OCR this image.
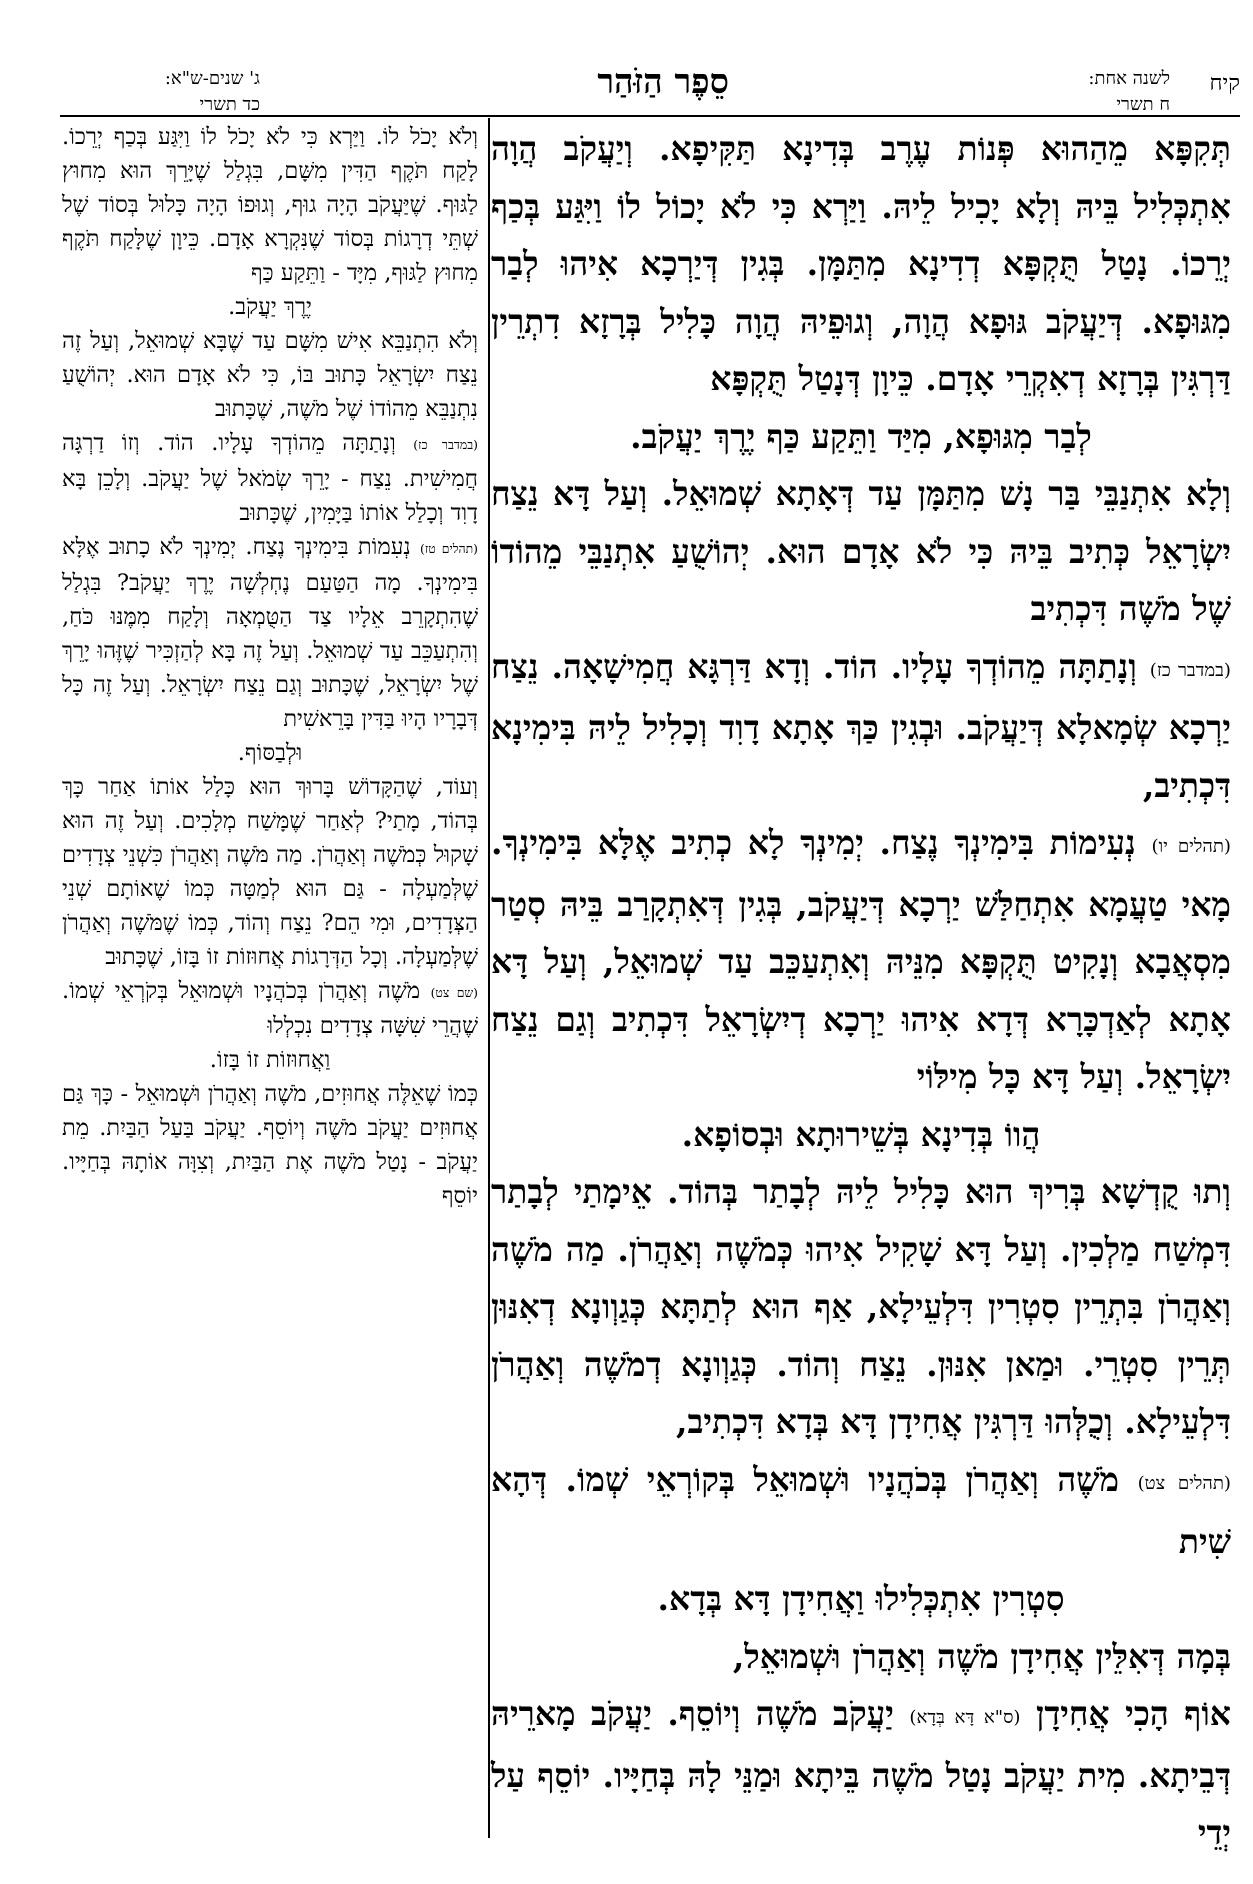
קיח
לשנה אחת:
ח תשרי
סֵפֶר הַזֹּהַר
ג' שנים-ש"א:
כד תשרי

תְּקִפָּא מֵהַהוּא פְּנוֹת עֶרֶב בְּדִינָא תַּקִּיפָא. וְיַעֲקֹב הֲוָה אִתְכְּלִיל בֵּיהּ וְלָא יָכִיל לֵיהּ. וַיַּרְא כִּי לֹא יָכוֹל לוֹ וַיִּגַּע בְּכַף יְרֵכוֹ. נָטַל תֻּקְפָּא דְדִינָא מִתַּמָּן. בְּגִין דְּיַרְכָא אִיהוּ לְבַר מִגּוּפָא. דְּיַעֲקֹב גּוּפָא הֲוָה, וְגוּפֵיהּ הֲוָה כָּלִיל בְּרָזָא דִתְרֵין דַּרְגִּין בְּרָזָא דְאִקְרֵי אָדָם. כֵּיוָן דְּנָטַל תֻּקְפָּא

לְבַר מִגּוּפָא, מִיַּד וַתֵּקַע כַּף יֶרֶךְ יַעֲקֹב.

וְלָא אִתְנַבֵּי בַּר נָשׁ מִתַּמָּן עַד דְּאָתָא שְׁמוּאֵל. וְעַל דָּא נֵצַח יִשְׂרָאֵל כְּתִיב בֵּיהּ כִּי לֹא אָדָם הוּא. יְהוֹשֻׁעַ אִתְנַבֵּי מֵהוֹדוֹ שֶׁל מֹשֶׁה דִּכְתִיב

(במדבר כז) וְנָתַתָּה מֵהוֹדְךָ עָלָיו. הוֹד. וְדָא דַּרְגָּא חֲמִישָׁאָה. נֵצַח יַרְכָא שְׂמָאלָא דְּיַעֲקֹב. וּבְגִין כַּךְ אָתָא דָוִד וְכָלִיל לֵיהּ בִּימִינָא דִּכְתִיב,

(תהלים יו) נְעִימוֹת בִּימִינְךָ נֶצַח. יְמִינְךָ לָא כְתִיב אֶלָּא בִּימִינְךָ. מָאי טַעֲמָא אִתְחַלַּשׁ יַרְכָא דְּיַעֲקֹב, בְּגִין דְּאִתְקָרַב בֵּיהּ סְטַר מִסְאֲבָא וְנָקִיט תֻּקְפָּא מִנֵּיהּ וְאִתְעַכֵּב עַד שְׁמוּאֵל, וְעַל דָּא אָתָא לְאַדְכָּרָא דְּדָא אִיהוּ יַרְכָא דְיִשְׂרָאֵל דִּכְתִיב וְגַם נֵצַח יִשְׂרָאֵל. וְעַל דָּא כָּל מִילּוֹי

הֲווֹ בְּדִינָא בְּשֵׁירוּתָא וּבְסוֹפָא.

וְתוּ קֻדְשָׁא בְּרִיךְ הוּא כָּלִיל לֵיהּ לְבָתַר בְּהוֹד. אֵימָתַי לְבָתַר דִּמְשַׁח מַלְכִין. וְעַל דָּא שָׁקִיל אִיהוּ כְּמֹשֶׁה וְאַהֲרֹן. מַה מֹשֶׁה וְאַהֲרֹן בִּתְרֵין סִטְרִין דִּלְעֵילָא, אַף הוּא לְתַתָּא כְּגַוְונָא דְאִנּוּן תְּרֵין סִטְרֵי. וּמַאן אִנּוּן. נֵצַח וְהוֹד. כְּגַוְונָא דְמֹשֶׁה וְאַהֲרֹן דִּלְעֵילָא. וְכֻלְּהוּ דַּרְגִּין אֲחִידָן דָּא בְּדָא דִּכְתִיב,

(תהלים צט) מֹשֶׁה וְאַהֲרֹן בְּכֹהֲנָיו וּשְׁמוּאֵל בְּקוֹרְאֵי שְׁמוֹ. דְּהָא שִׁית

סִטְרִין אִתְכְּלִילוּ וַאֲחִידָן דָּא בְּדָא.

בְּמָה דְּאִלֵּין אֲחִידָן מֹשֶׁה וְאַהֲרֹן וּשְׁמוּאֵל,

אוֹף הָכִי אֲחִידָן (ס"א דָּא בְּדָא) יַעֲקֹב מֹשֶׁה וְיוֹסֵף. יַעֲקֹב מָארֵיהּ דְּבֵיתָא. מִית יַעֲקֹב נָטַל מֹשֶׁה בֵּיתָא וּמַנֵּי לָהּ בְּחַיָּיו. יוֹסֵף עַל יְדֵי

וְלֹא יָכֹל לוֹ. וַיַּרְא כִּי לֹא יָכֹל לוֹ וַיִּגַּע בְּכַף יְרֵכוֹ. לָקַח תֹּקֶף הַדִּין מִשָּׁם, בִּגְלַל שֶׁיָּרֵךְ הוּא מִחוּץ לַגּוּף. שֶׁיַּעֲקֹב הָיָה גוּף, וְגוּפוֹ הָיָה כָּלוּל בְּסוֹד שֶׁל שְׁתֵּי דְרָגוֹת בְּסוֹד שֶׁנִּקְרָא אָדָם. כֵּיוָן שֶׁלָּקַח תֹּקֶף מִחוּץ לַגּוּף, מִיָּד - וַתֵּקַע כַּף

יֶרֶךְ יַעֲקֹב.

וְלֹא הִתְנַבֵּא אִישׁ מִשָּׁם עַד שֶׁבָּא שְׁמוּאֵל, וְעַל זֶה נֵצַח יִשְׂרָאֵל כָּתוּב בּוֹ, כִּי לֹא אָדָם הוּא. יְהוֹשֻׁעַ נִתְנַבֵּא מֵהוֹדוֹ שֶׁל מֹשֶׁה, שֶׁכָּתוּב

(במדבר כז) וְנָתַתָּה מֵהוֹדְךָ עָלָיו. הוֹד. וְזוֹ דַרְגָּה חֲמִישִׁית. נֵצַח - יָרֵךְ שְׂמֹאל שֶׁל יַעֲקֹב. וְלָכֵן בָּא דָוִד וְכָלַל אוֹתוֹ בַּיָּמִין, שֶׁכָּתוּב

(תהלים טז) נְעִמוֹת בִּימִינְךָ נֶצַח. יְמִינְךָ לֹא כָתוּב אֶלָּא בִּימִינְךָ. מָה הַטַּעַם נֶחְלְשָׁה יֶרֶךְ יַעֲקֹב? בִּגְלַל שֶׁהִתְקָרֵב אֵלָיו צַד הַטֻּמְאָה וְלָקַח מִמֶּנּוּ כֹּחַ, וְהִתְעַכֵּב עַד שְׁמוּאֵל. וְעַל זֶה בָּא לְהַזְכִּיר שֶׁזֶּהוּ יָרֵךְ שֶׁל יִשְׂרָאֵל, שֶׁכָּתוּב וְגַם נֵצַח יִשְׂרָאֵל. וְעַל זֶה כָּל דְּבָרָיו הָיוּ בַּדִּין בָּרֵאשִׁית

וּלְבַסּוֹף.

וְעוֹד, שֶׁהַקָּדוֹשׁ בָּרוּךְ הוּא כָּלַל אוֹתוֹ אַחַר כָּךְ בְּהוֹד, מָתַי? לְאַחַר שֶׁמָּשַׁח מְלָכִים. וְעַל זֶה הוּא שָׁקוּל כְּמֹשֶׁה וְאַהֲרֹן. מַה מֹּשֶׁה וְאַהֲרֹן כִּשְׁנֵי צְדָדִים שֶׁלְּמַעְלָה - גַּם הוּא לְמַטָּה כְּמוֹ שֶׁאוֹתָם שְׁנֵי הַצְּדָדִים, וּמִי הֵם? נֵצַח וְהוֹד, כְּמוֹ שֶׁמֹּשֶׁה וְאַהֲרֹן שֶׁלְּמַעְלָה. וְכָל הַדְּרָגוֹת אֲחוּזוֹת זוֹ בָּזוֹ, שֶׁכָּתוּב

(שם צט) מֹשֶׁה וְאַהֲרֹן בְּכֹהֲנָיו וּשְׁמוּאֵל בְּקֹרְאֵי שְׁמוֹ. שֶׁהֲרֵי שִׁשָּׁה צְדָדִים נִכְלְלוּ

וַאֲחוּזוֹת זוֹ בָּזוֹ.

כְּמוֹ שֶׁאֵלֶּה אֲחוּזִים, מֹשֶׁה וְאַהֲרֹן וּשְׁמוּאֵל - כָּךְ גַּם אֲחוּזִים יַעֲקֹב מֹשֶׁה וְיוֹסֵף. יַעֲקֹב בַּעַל הַבַּיִת. מֵת יַעֲקֹב - נָטַל מֹשֶׁה אֶת הַבַּיִת, וְצִוָּה אוֹתָהּ בְּחַיָּיו. יוֹסֵף
